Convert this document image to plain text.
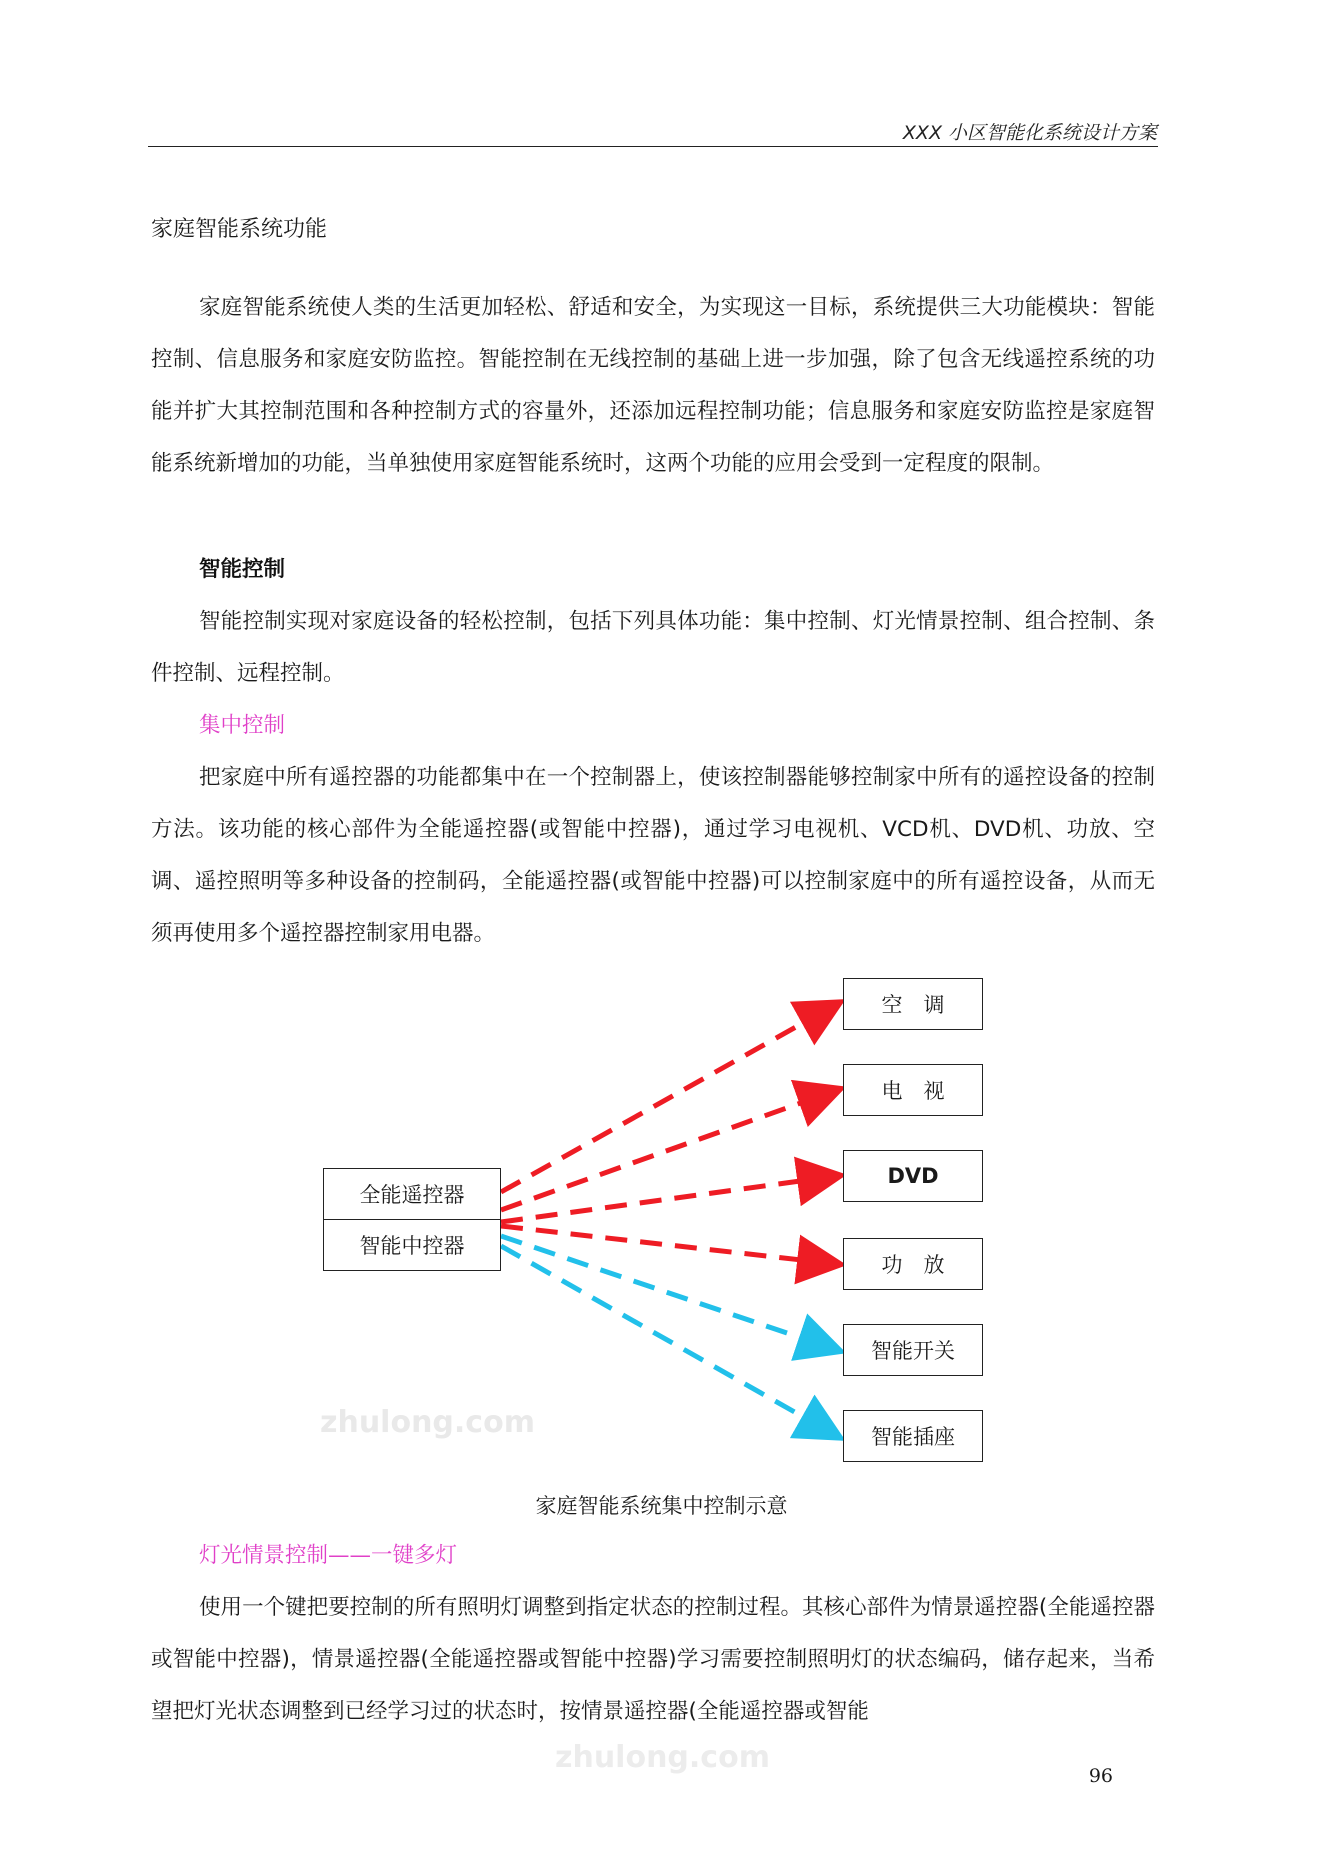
XXX 小区智能化系统设计方案
家庭智能系统功能

家庭智能系统使人类的生活更加轻松、舒适和安全，为实现这一目标，系统提供三大功能模块：智能控制、信息服务和家庭安防监控。智能控制在无线控制的基础上进一步加强，除了包含无线遥控系统的功能并扩大其控制范围和各种控制方式的容量外，还添加远程控制功能；信息服务和家庭安防监控是家庭智能系统新增加的功能，当单独使用家庭智能系统时，这两个功能的应用会受到一定程度的限制。

智能控制

智能控制实现对家庭设备的轻松控制，包括下列具体功能：集中控制、灯光情景控制、组合控制、条件控制、远程控制。

集中控制

把家庭中所有遥控器的功能都集中在一个控制器上，使该控制器能够控制家中所有的遥控设备的控制方法。该功能的核心部件为全能遥控器(或智能中控器)，通过学习电视机、VCD机、DVD机、功放、空调、遥控照明等多种设备的控制码，全能遥控器(或智能中控器)可以控制家庭中的所有遥控设备，从而无须再使用多个遥控器控制家用电器。

全能遥控器
智能中控器
空　调
电　视
DVD
功　放
智能开关
智能插座
家庭智能系统集中控制示意
灯光情景控制——一键多灯

使用一个键把要控制的所有照明灯调整到指定状态的控制过程。其核心部件为情景遥控器(全能遥控器或智能中控器)，情景遥控器(全能遥控器或智能中控器)学习需要控制照明灯的状态编码，储存起来，当希望把灯光状态调整到已经学习过的状态时，按情景遥控器(全能遥控器或智能

96
zhulong.com
zhulong.com
